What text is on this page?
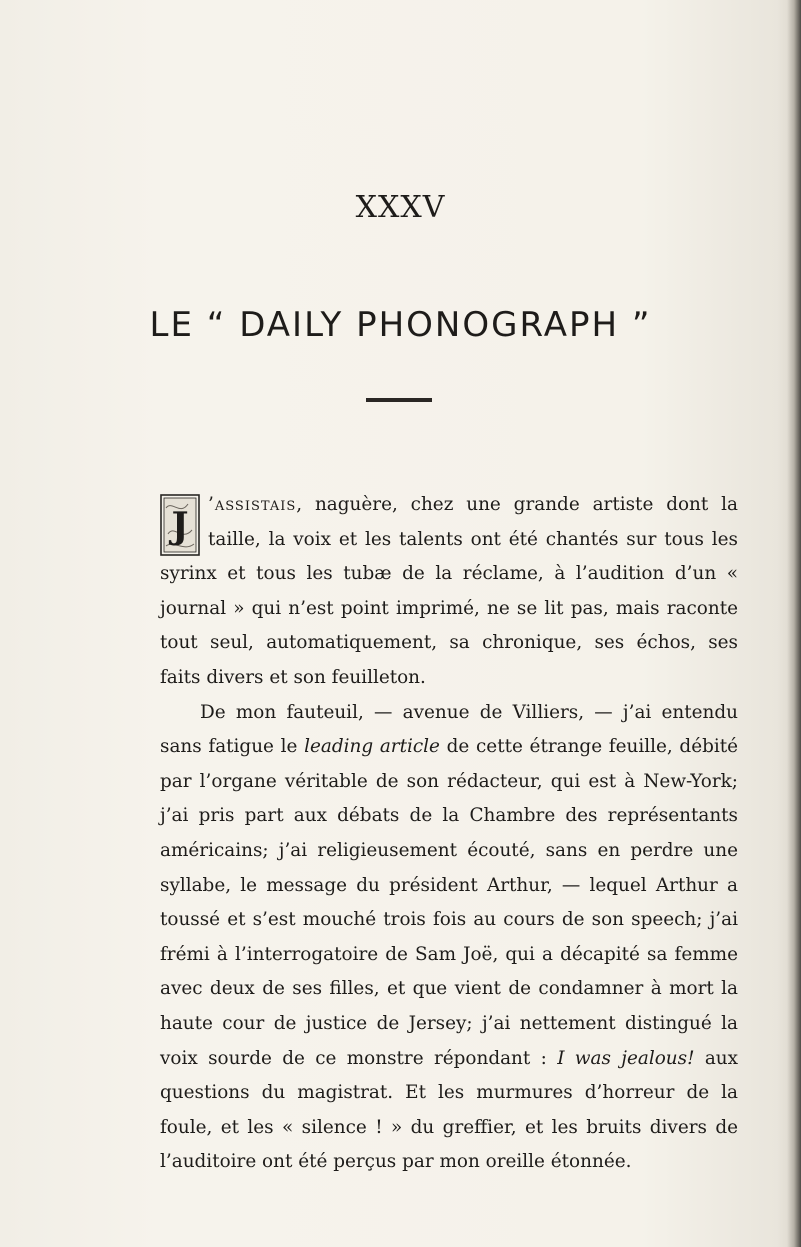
XXXV
LE “ DAILY PHONOGRAPH ”

J
’assistais, naguère, chez une grande artiste dont la taille, la voix et les talents ont été chantés sur tous les syrinx et tous les tubæ de la réclame, à l’audition d’un « journal » qui n’est point imprimé, ne se lit pas, mais raconte tout seul, automatiquement, sa chronique, ses échos, ses faits divers et son feuilleton.

De mon fauteuil, — avenue de Villiers, — j’ai entendu sans fatigue le leading article de cette étrange feuille, débité par l’organe véritable de son rédacteur, qui est à New-York; j’ai pris part aux débats de la Chambre des représentants américains; j’ai religieusement écouté, sans en perdre une syllabe, le message du président Arthur, — lequel Arthur a toussé et s’est mouché trois fois au cours de son speech; j’ai frémi à l’interrogatoire de Sam Joë, qui a décapité sa femme avec deux de ses filles, et que vient de condamner à mort la haute cour de justice de Jersey; j’ai nettement distingué la voix sourde de ce monstre répondant : I was jealous! aux questions du magistrat. Et les murmures d’horreur de la foule, et les « silence ! » du greffier, et les bruits divers de l’auditoire ont été perçus par mon oreille étonnée.
